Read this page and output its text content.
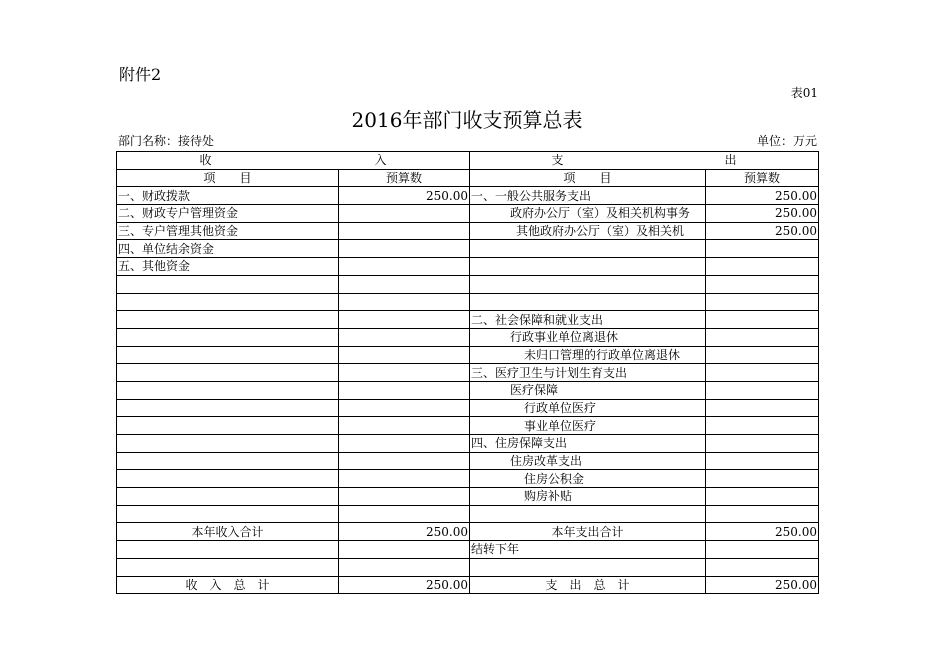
附件2
表01
2016年部门收支预算总表
部门名称：接待处	单位：万元
收 入		支 出	

项　　目	预算数	项　　目	预算数
一、财政拨款	250.00	一、一般公共服务支出	250.00
二、财政专户管理资金		政府办公厅（室）及相关机构事务	250.00
三、专户管理其他资金		其他政府办公厅（室）及相关机	250.00
四、单位结余资金			
五、其他资金			

		二、社会保障和就业支出	
		行政事业单位离退休	
		未归口管理的行政单位离退休	
		三、医疗卫生与计划生育支出	
		医疗保障	
		行政单位医疗	
		事业单位医疗	
		四、住房保障支出	
		住房改革支出	
		住房公积金	
		购房补贴	

本年收入合计	250.00	本年支出合计	250.00
		结转下年	

收　入　总　计	250.00	支　出　总　计	250.00
